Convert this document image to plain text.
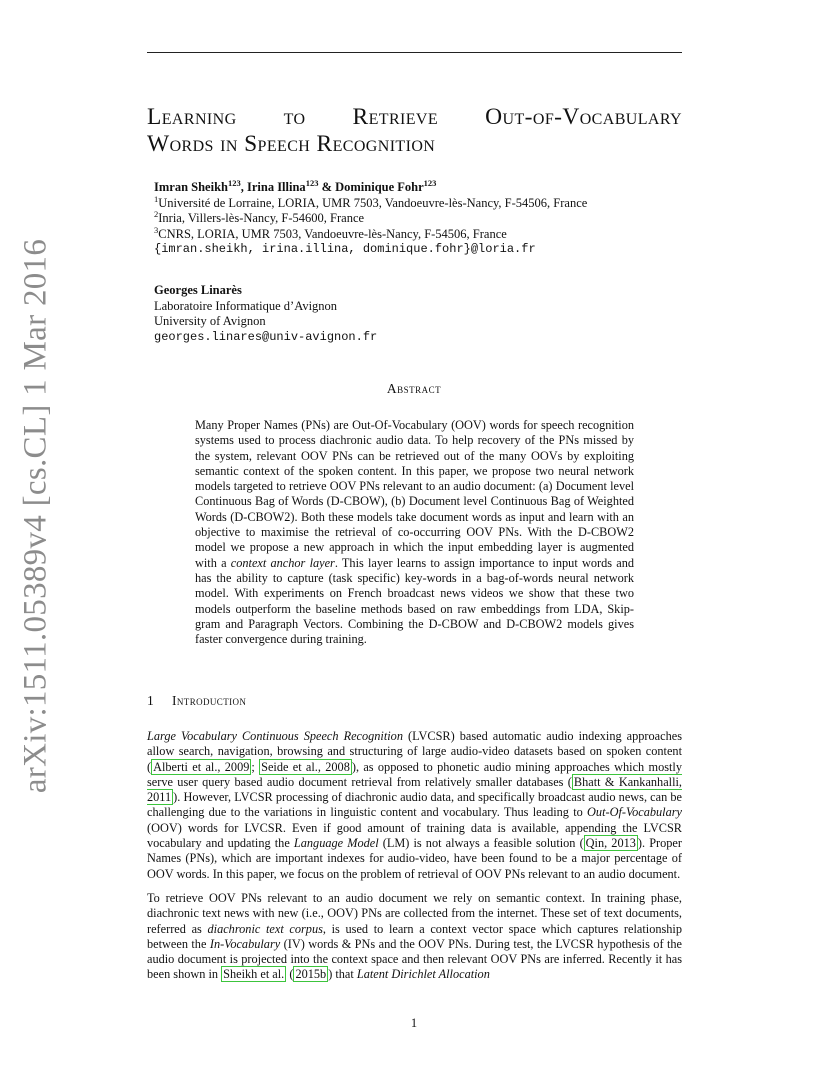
arXiv:1511.05389v4 [cs.CL] 1 Mar 2016
Learning to Retrieve Out-of-Vocabulary
Words in Speech Recognition
Imran Sheikh$^{123}$, Irina Illina$^{123}$ & Dominique Fohr$^{123}$
$^1$Université de Lorraine, LORIA, UMR 7503, Vandoeuvre-lès-Nancy, F-54506, France
$^2$Inria, Villers-lès-Nancy, F-54600, France
$^3$CNRS, LORIA, UMR 7503, Vandoeuvre-lès-Nancy, F-54506, France
{imran.sheikh, irina.illina, dominique.fohr}@loria.fr
Georges Linarès
Laboratoire Informatique d’Avignon
University of Avignon
georges.linares@univ-avignon.fr
Abstract
Many Proper Names (PNs) are Out-Of-Vocabulary (OOV) words for speech recognition systems used to process diachronic audio data. To help recovery of the PNs missed by the system, relevant OOV PNs can be retrieved out of the many OOVs by exploiting semantic context of the spoken content. In this paper, we propose two neural network models targeted to retrieve OOV PNs relevant to an audio document: (a) Document level Continuous Bag of Words (D-CBOW), (b) Document level Continuous Bag of Weighted Words (D-CBOW2). Both these models take document words as input and learn with an objective to maximise the retrieval of co-occurring OOV PNs. With the D-CBOW2 model we propose a new approach in which the input embedding layer is augmented with a context anchor layer. This layer learns to assign importance to input words and has the ability to capture (task specific) key-words in a bag-of-words neural network model. With experiments on French broadcast news videos we show that these two models outperform the baseline methods based on raw embeddings from LDA, Skip-gram and Paragraph Vectors. Combining the D-CBOW and D-CBOW2 models gives faster convergence during training.
1 Introduction

Large Vocabulary Continuous Speech Recognition (LVCSR) based automatic audio indexing approaches allow search, navigation, browsing and structuring of large audio-video datasets based on spoken content ( Alberti et al., 2009 ; Seide et al., 2008 ), as opposed to phonetic audio mining approaches which mostly serve user query based audio document retrieval from relatively smaller databases ( Bhatt & Kankanhalli, 2011 ). However, LVCSR processing of diachronic audio data, and specifically broadcast audio news, can be challenging due to the variations in linguistic content and vocabulary. Thus leading to Out-Of-Vocabulary (OOV) words for LVCSR. Even if good amount of training data is available, appending the LVCSR vocabulary and updating the Language Model (LM) is not always a feasible solution ( Qin, 2013 ). Proper Names (PNs), which are important indexes for audio-video, have been found to be a major percentage of OOV words. In this paper, we focus on the problem of retrieval of OOV PNs relevant to an audio document.

To retrieve OOV PNs relevant to an audio document we rely on semantic context. In training phase, diachronic text news with new (i.e., OOV) PNs are collected from the internet. These set of text documents, referred as diachronic text corpus, is used to learn a context vector space which captures relationship between the In-Vocabulary (IV) words & PNs and the OOV PNs. During test, the LVCSR hypothesis of the audio document is projected into the context space and then relevant OOV PNs are inferred. Recently it has been shown in Sheikh et al. ( 2015b ) that Latent Dirichlet Allocation

1
